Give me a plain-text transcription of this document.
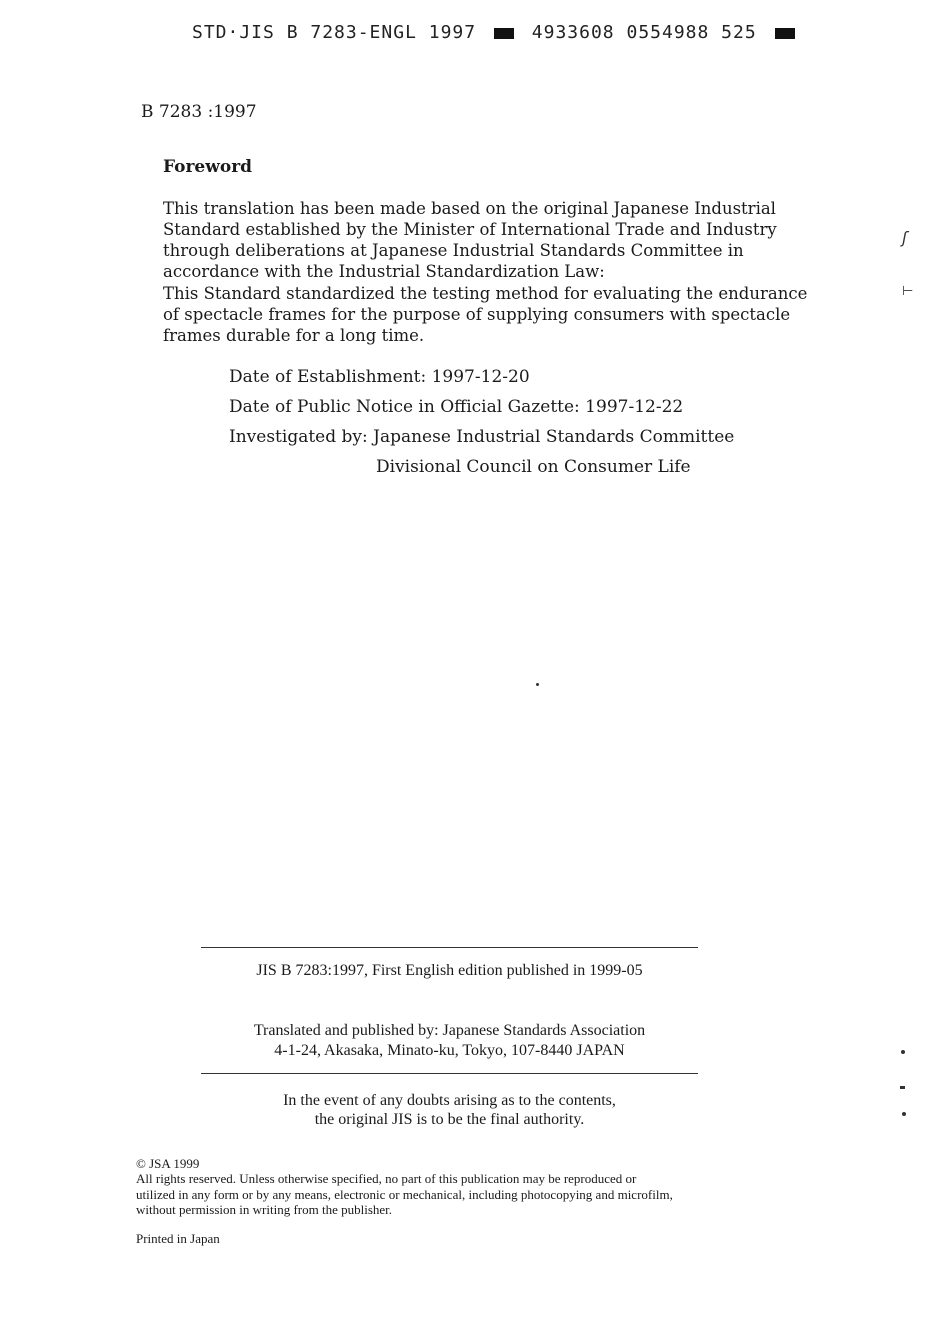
STD·JIS B 7283-ENGL 1997	4933608 0554988 525
B 7283 :1997
Foreword
This translation has been made based on the original Japanese Industrial
Standard established by the Minister of International Trade and Industry
through deliberations at Japanese Industrial Standards Committee in
accordance with the Industrial Standardization Law:
This Standard standardized the testing method for evaluating the endurance
of spectacle frames for the purpose of supplying consumers with spectacle
frames durable for a long time.
Date of Establishment: 1997-12-20
Date of Public Notice in Official Gazette: 1997-12-22
Investigated by: Japanese Industrial Standards Committee
Divisional Council on Consumer Life
JIS B 7283:1997, First English edition published in 1999-05
Translated and published by: Japanese Standards Association
4-1-24, Akasaka, Minato-ku, Tokyo, 107-8440 JAPAN
In the event of any doubts arising as to the contents,
the original JIS is to be the final authority.
© JSA 1999
All rights reserved. Unless otherwise specified, no part of this publication may be reproduced or
utilized in any form or by any means, electronic or mechanical, including photocopying and microfilm,
without permission in writing from the publisher.
Printed in Japan
ʃ
⊢
